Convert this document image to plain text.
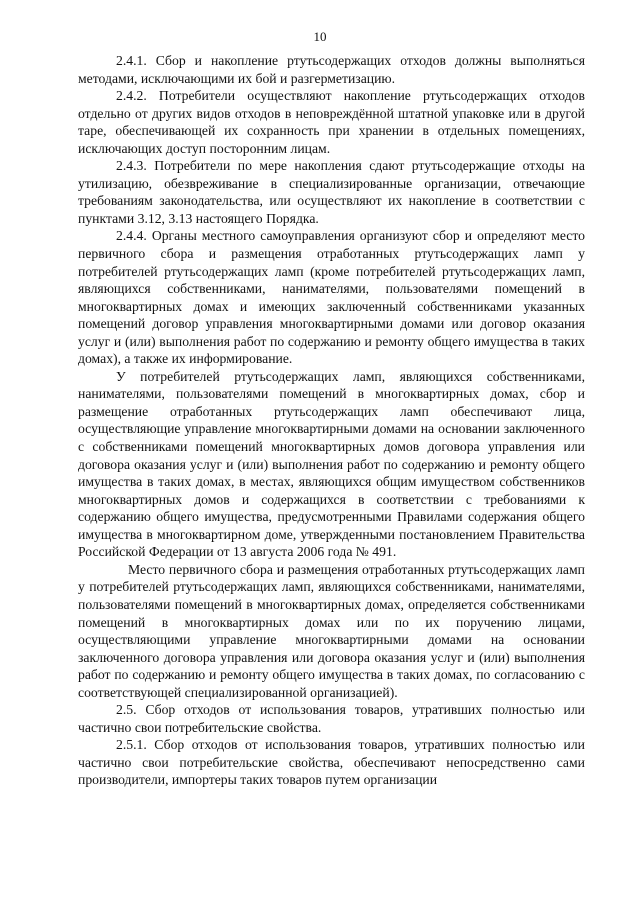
10

2.4.1. Сбор и накопление ртутьсодержащих отходов должны выполняться методами, исключающими их бой и разгерметизацию.

2.4.2. Потребители осуществляют накопление ртутьсодержащих отходов отдельно от других видов отходов в неповреждённой штатной упаковке или в другой таре, обеспечивающей их сохранность при хранении в отдельных помещениях, исключающих доступ посторонним лицам.

2.4.3. Потребители по мере накопления сдают ртутьсодержащие отходы на утилизацию, обезвреживание в специализированные организации, отвечающие требованиям законодательства, или осуществляют их накопление в соответствии с пунктами 3.12, 3.13 настоящего Порядка.

2.4.4. Органы местного самоуправления организуют сбор и определяют место первичного сбора и размещения отработанных ртутьсодержащих ламп у потребителей ртутьсодержащих ламп (кроме потребителей ртутьсодержащих ламп, являющихся собственниками, нанимателями, пользователями помещений в многоквартирных домах и имеющих заключенный собственниками указанных помещений договор управления многоквартирными домами или договор оказания услуг и (или) выполнения работ по содержанию и ремонту общего имущества в таких домах), а также их информирование.

У потребителей ртутьсодержащих ламп, являющихся собственниками, нанимателями, пользователями помещений в многоквартирных домах, сбор и размещение отработанных ртутьсодержащих ламп обеспечивают лица, осуществляющие управление многоквартирными домами на основании заключенного с собственниками помещений многоквартирных домов договора управления или договора оказания услуг и (или) выполнения работ по содержанию и ремонту общего имущества в таких домах, в местах, являющихся общим имуществом собственников многоквартирных домов и содержащихся в соответствии с требованиями к содержанию общего имущества, предусмотренными Правилами содержания общего имущества в многоквартирном доме, утвержденными постановлением Правительства Российской Федерации от 13 августа 2006 года № 491.

Место первичного сбора и размещения отработанных ртутьсодержащих ламп у потребителей ртутьсодержащих ламп, являющихся собственниками, нанимателями, пользователями помещений в многоквартирных домах, определяется собственниками помещений в многоквартирных домах или по их поручению лицами, осуществляющими управление многоквартирными домами на основании заключенного договора управления или договора оказания услуг и (или) выполнения работ по содержанию и ремонту общего имущества в таких домах, по согласованию с соответствующей специализированной организацией).

2.5. Сбор отходов от использования товаров, утративших полностью или частично свои потребительские свойства.

2.5.1. Сбор отходов от использования товаров, утративших полностью или частично свои потребительские свойства, обеспечивают непосредственно сами производители, импортеры таких товаров путем организации
